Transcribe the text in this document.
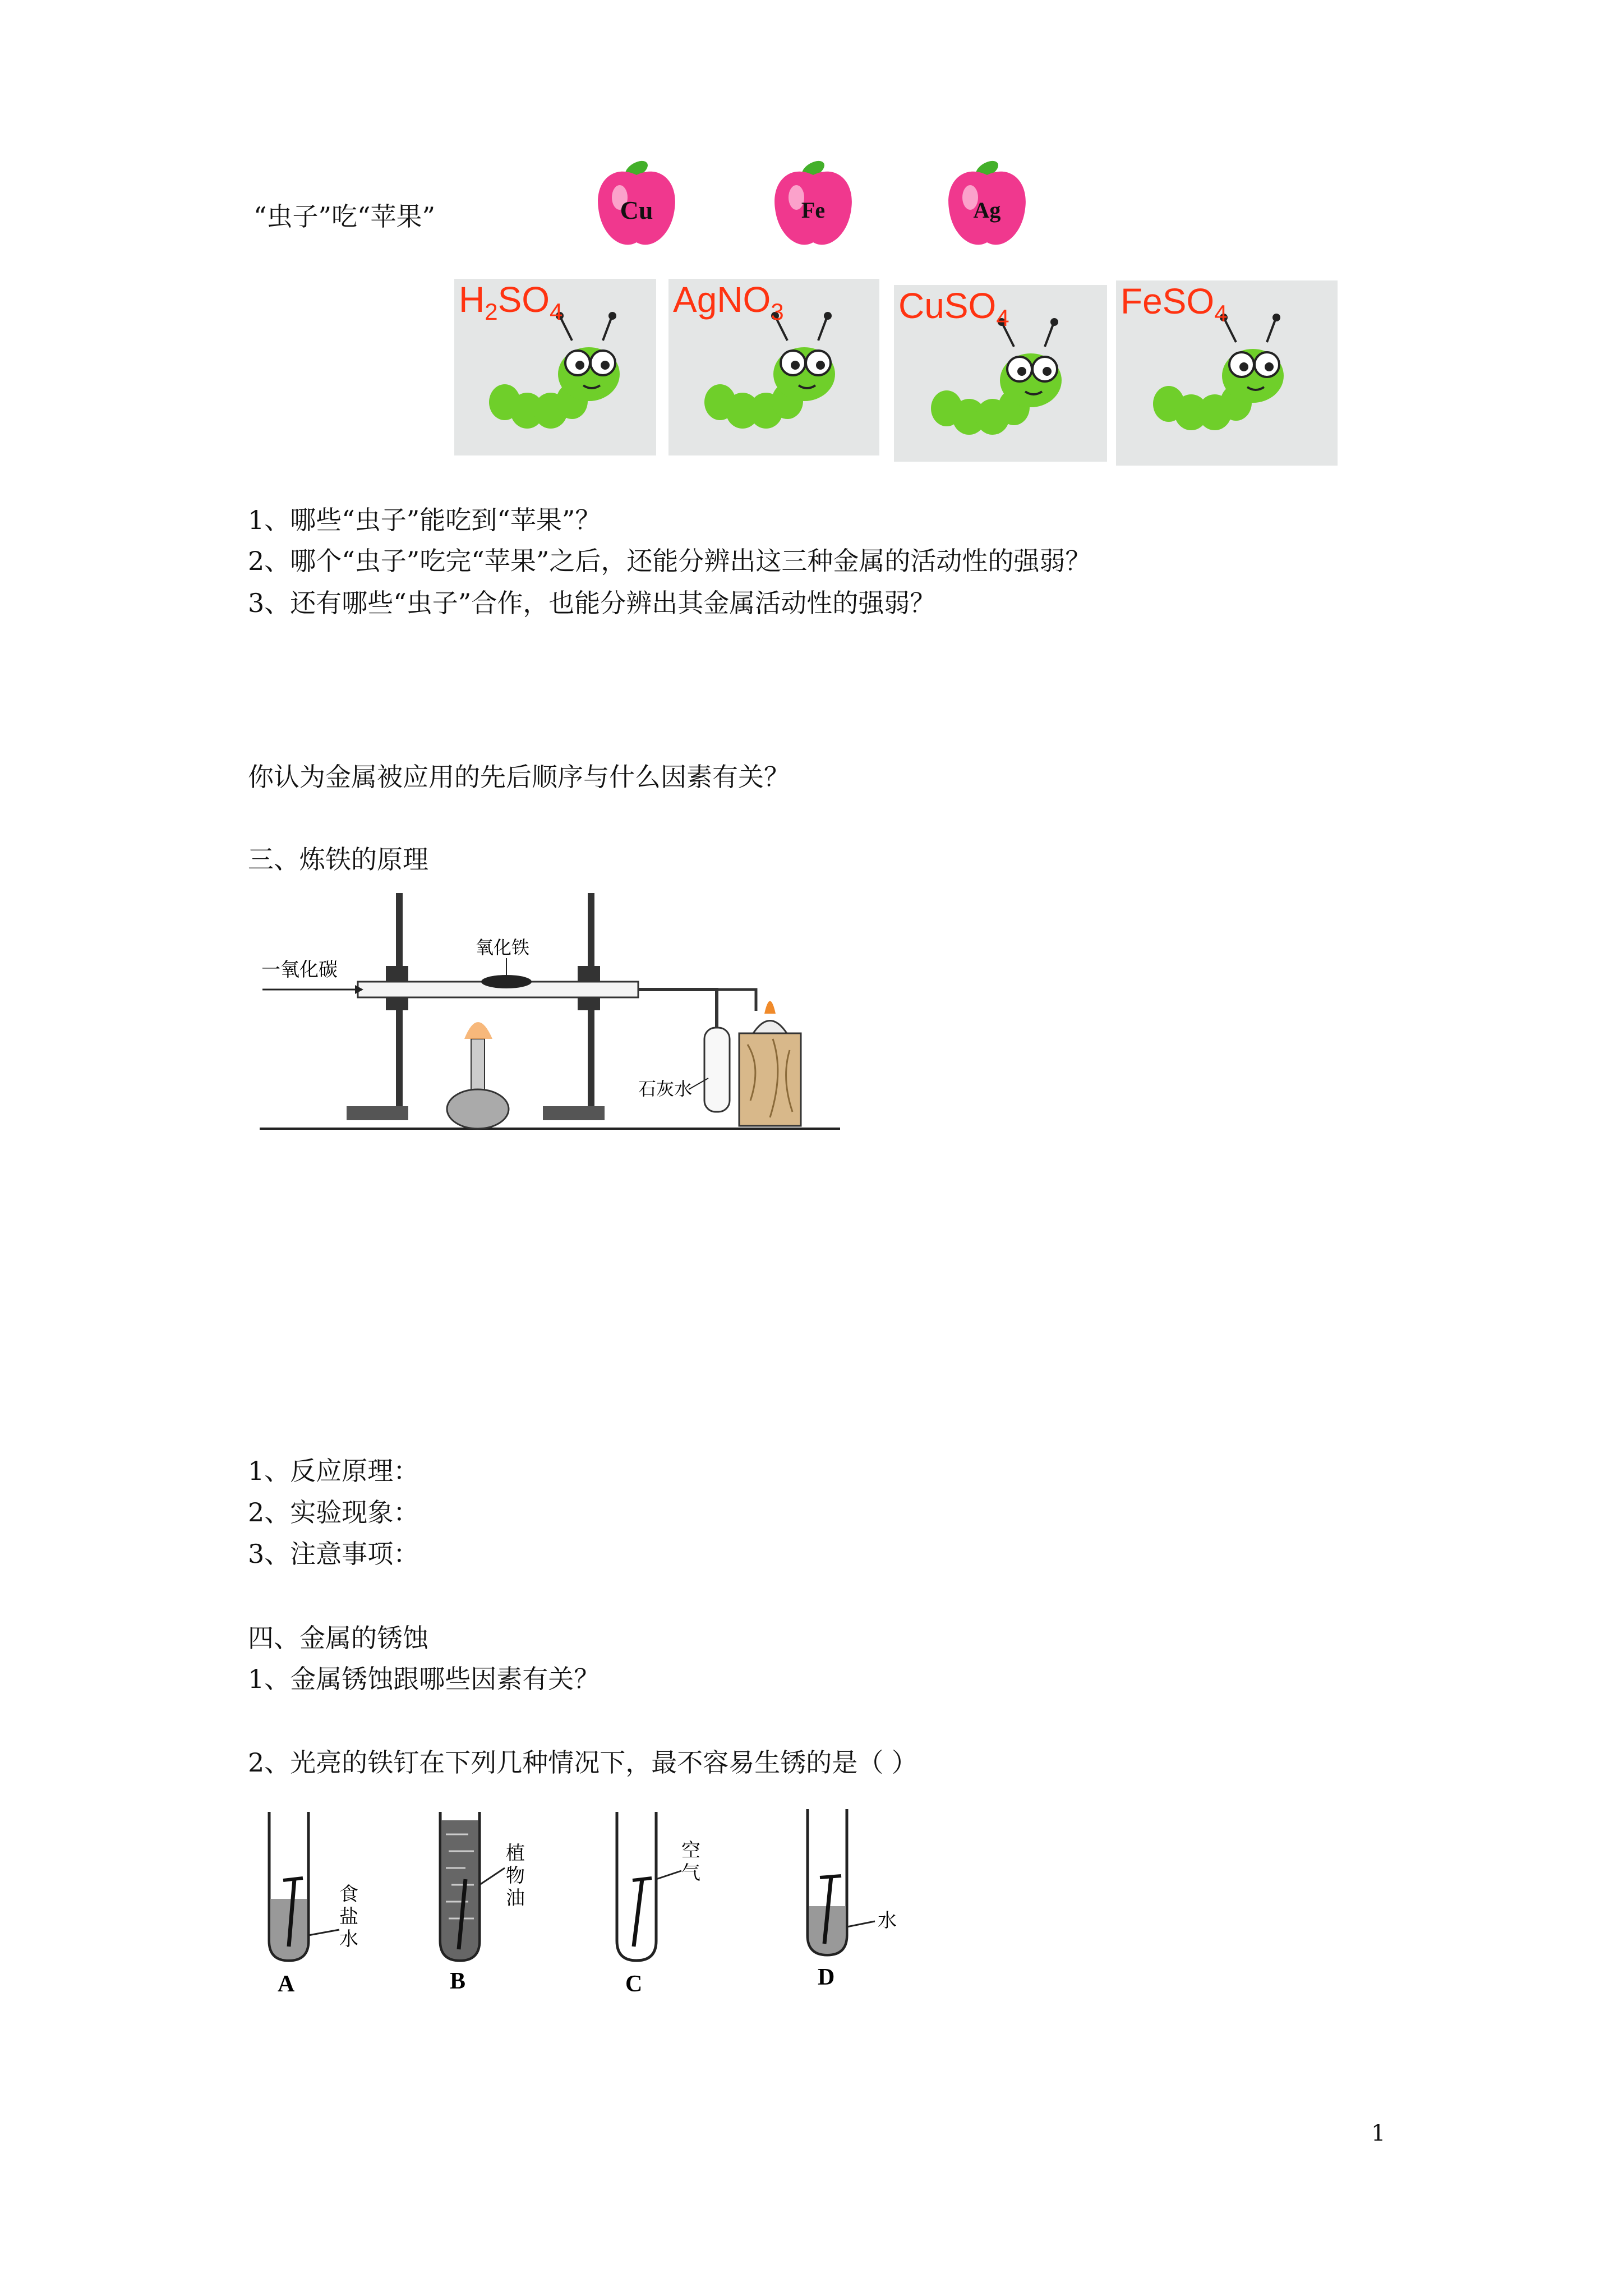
“虫子”吃“苹果”	Cu	Fe	Ag
$H_2SO_4$	AgNO$_3$	CuSO$_4$	FeSO$_4$
1、哪些“虫子”能吃到“苹果”？
2、哪个“虫子”吃完“苹果”之后，还能分辨出这三种金属的活动性的强弱？
3、还有哪些“虫子”合作，也能分辨出其金属活动性的强弱？
你认为金属被应用的先后顺序与什么因素有关？
三、炼铁的原理
一氧化碳
氧化铁
石灰水
1、反应原理：
2、实验现象：
3、注意事项：
四、金属的锈蚀
1、金属锈蚀跟哪些因素有关？
2、光亮的铁钉在下列几种情况下，最不容易生锈的是（ ）
食
盐
水
A
植
物
油
B
空
气
C
水
D
1
